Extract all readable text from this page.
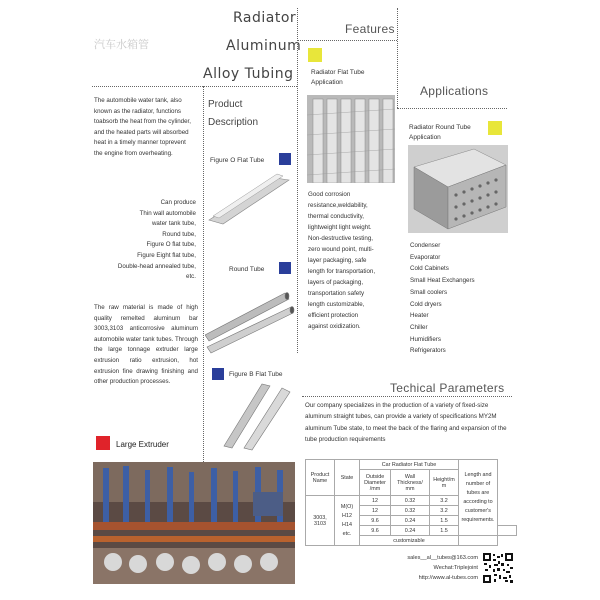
Radiator
Aluminum
Alloy Tubing
汽车水箱管
The automobile water tank, also known as the radiator, functions toabsorb the heat from the cylinder, and the heated parts will absorbed heat in a timely manner toprevent the engine from overheating.
Can produce
Thin wall automobile
water tank tube,
Round tube,
Figure O flat tube,
Figure Eight flat tube,
Double-head annealed tube,
etc.
The raw material is made of high quality remelted aluminum bar 3003,3103 anticorrosive aluminum automobile water tank tubes. Through the large tonnage extruder large extrusion ratio extrusion, hot extrusion fine drawing finishing and other production processes.
Large Extruder
Product
Description
Figure O Flat Tube
Round Tube
Figure B Flat Tube
Features
Radiator Flat Tube
Application
Good corrosion
resistance,weldability,
thermal conductivity,
lightweight light weight.
Non-destructive testing,
zero wound point, multi-
layer packaging, safe
length for transportation,
layers of packaging,
transportation safety
length customizable,
efficient protection
against oxidization.
Applications
Radiator Round Tube
Application
Condenser
Evaporator
Cold Cabinets
Small Heat Exchangers
Small coolers
Cold dryers
Heater
Chiller
Humidifiers
Refrigerators
Techical Parameters
Our company specializes in the production of a variety of fixed-size aluminum straight tubes, can provide a variety of specifications MY2M aluminum Tube state, to meet the back of the flaring and expansion of the tube production requirements
Product Name	State	Car Radiator Flat Tube			Length and number of tubes are according to customer's requirements.	
		Outside Diameter /mm	Wall Thickness/ mm	Height/m m		
3003, 3103	M(O)
H12
H14
etc.	12	0.32	3.2		
		12	0.32	3.2		
		9.6	0.24	1.5		
		9.6	0.24	1.5		
		customizable				
sales__al__tubes@163.com
Wechat:Triplejoint
http://www.al-tubes.com
